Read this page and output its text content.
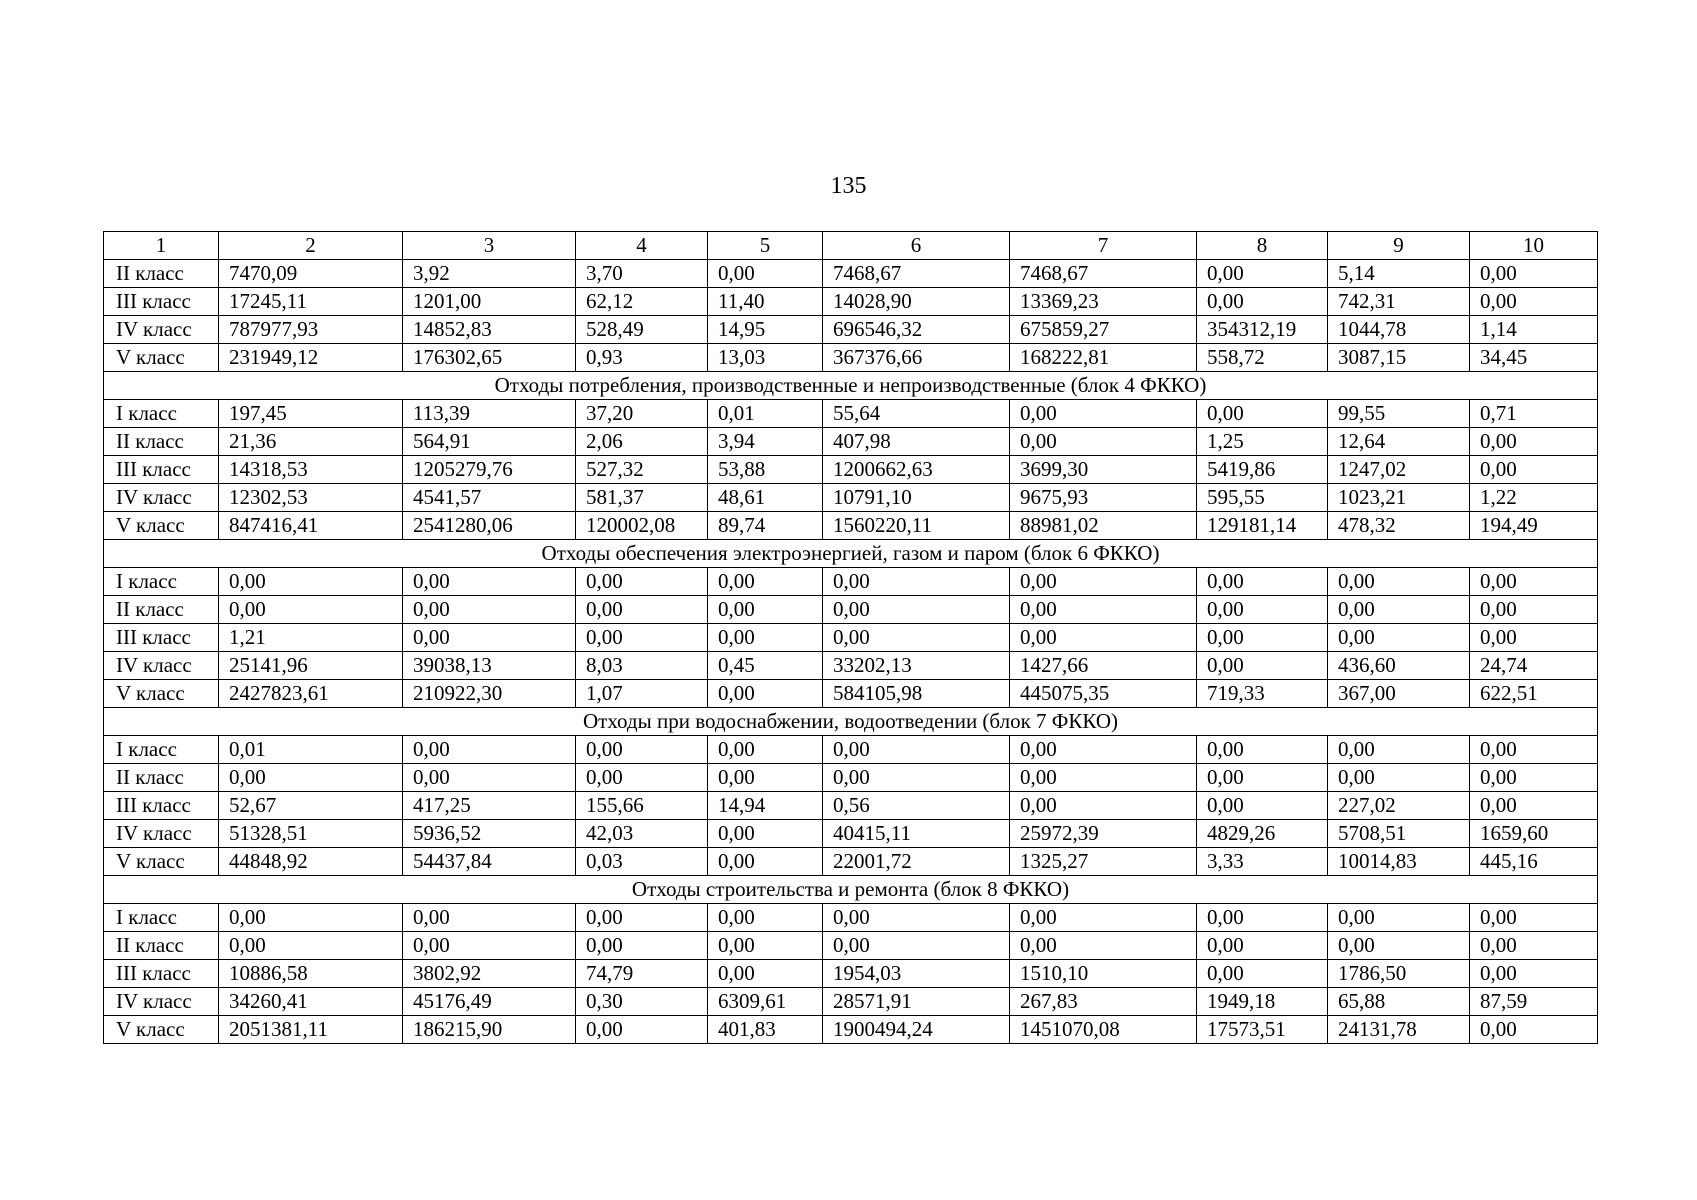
135
1	2	3	4	5	6	7	8	9	10
II класс	7470,09	3,92	3,70	0,00	7468,67	7468,67	0,00	5,14	0,00
III класс	17245,11	1201,00	62,12	11,40	14028,90	13369,23	0,00	742,31	0,00
IV класс	787977,93	14852,83	528,49	14,95	696546,32	675859,27	354312,19	1044,78	1,14
V класс	231949,12	176302,65	0,93	13,03	367376,66	168222,81	558,72	3087,15	34,45
Отходы потребления, производственные и непроизводственные (блок 4 ФККО)									
I класс	197,45	113,39	37,20	0,01	55,64	0,00	0,00	99,55	0,71
II класс	21,36	564,91	2,06	3,94	407,98	0,00	1,25	12,64	0,00
III класс	14318,53	1205279,76	527,32	53,88	1200662,63	3699,30	5419,86	1247,02	0,00
IV класс	12302,53	4541,57	581,37	48,61	10791,10	9675,93	595,55	1023,21	1,22
V класс	847416,41	2541280,06	120002,08	89,74	1560220,11	88981,02	129181,14	478,32	194,49
Отходы обеспечения электроэнергией, газом и паром (блок 6 ФККО)									
I класс	0,00	0,00	0,00	0,00	0,00	0,00	0,00	0,00	0,00
II класс	0,00	0,00	0,00	0,00	0,00	0,00	0,00	0,00	0,00
III класс	1,21	0,00	0,00	0,00	0,00	0,00	0,00	0,00	0,00
IV класс	25141,96	39038,13	8,03	0,45	33202,13	1427,66	0,00	436,60	24,74
V класс	2427823,61	210922,30	1,07	0,00	584105,98	445075,35	719,33	367,00	622,51
Отходы при водоснабжении, водоотведении (блок 7 ФККО)									
I класс	0,01	0,00	0,00	0,00	0,00	0,00	0,00	0,00	0,00
II класс	0,00	0,00	0,00	0,00	0,00	0,00	0,00	0,00	0,00
III класс	52,67	417,25	155,66	14,94	0,56	0,00	0,00	227,02	0,00
IV класс	51328,51	5936,52	42,03	0,00	40415,11	25972,39	4829,26	5708,51	1659,60
V класс	44848,92	54437,84	0,03	0,00	22001,72	1325,27	3,33	10014,83	445,16
Отходы строительства и ремонта (блок 8 ФККО)									
I класс	0,00	0,00	0,00	0,00	0,00	0,00	0,00	0,00	0,00
II класс	0,00	0,00	0,00	0,00	0,00	0,00	0,00	0,00	0,00
III класс	10886,58	3802,92	74,79	0,00	1954,03	1510,10	0,00	1786,50	0,00
IV класс	34260,41	45176,49	0,30	6309,61	28571,91	267,83	1949,18	65,88	87,59
V класс	2051381,11	186215,90	0,00	401,83	1900494,24	1451070,08	17573,51	24131,78	0,00
